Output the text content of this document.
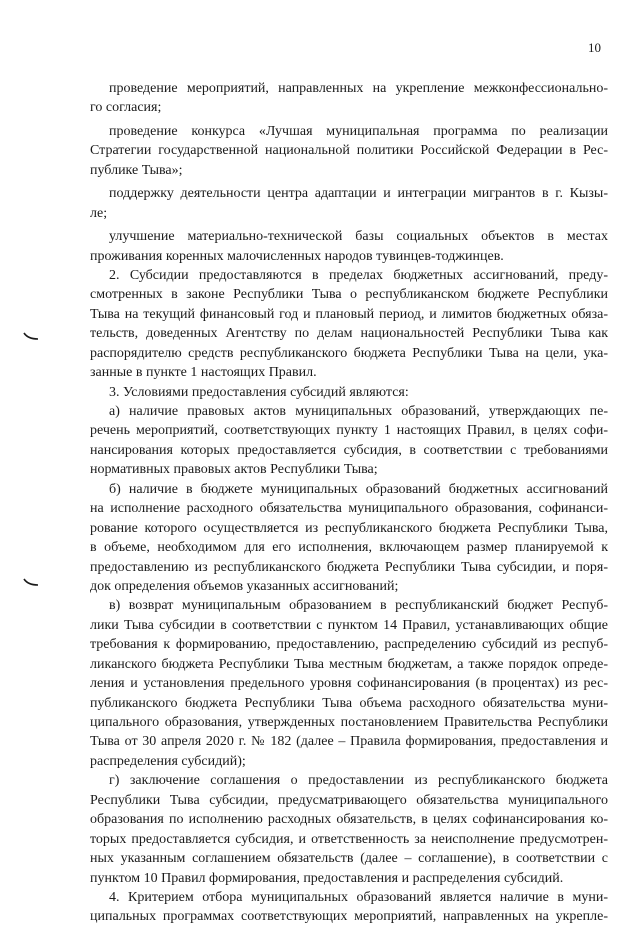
10
проведение мероприятий, направленных на укрепление межконфессионально-
го согласия;
проведение конкурса «Лучшая муниципальная программа по реализации
Стратегии государственной национальной политики Российской Федерации в Рес-
публике Тыва»;
поддержку деятельности центра адаптации и интеграции мигрантов в г. Кызы-
ле;
улучшение материально-технической базы социальных объектов в местах
проживания коренных малочисленных народов тувинцев-тоджинцев.
2. Субсидии предоставляются в пределах бюджетных ассигнований, преду-
смотренных в законе Республики Тыва о республиканском бюджете Республики
Тыва на текущий финансовый год и плановый период, и лимитов бюджетных обяза-
тельств, доведенных Агентству по делам национальностей Республики Тыва как
распорядителю средств республиканского бюджета Республики Тыва на цели, ука-
занные в пункте 1 настоящих Правил.
3. Условиями предоставления субсидий являются:
а) наличие правовых актов муниципальных образований, утверждающих пе-
речень мероприятий, соответствующих пункту 1 настоящих Правил, в целях софи-
нансирования которых предоставляется субсидия, в соответствии с требованиями
нормативных правовых актов Республики Тыва;
б) наличие в бюджете муниципальных образований бюджетных ассигнований
на исполнение расходного обязательства муниципального образования, софинанси-
рование которого осуществляется из республиканского бюджета Республики Тыва,
в объеме, необходимом для его исполнения, включающем размер планируемой к
предоставлению из республиканского бюджета Республики Тыва субсидии, и поря-
док определения объемов указанных ассигнований;
в) возврат муниципальным образованием в республиканский бюджет Респуб-
лики Тыва субсидии в соответствии с пунктом 14 Правил, устанавливающих общие
требования к формированию, предоставлению, распределению субсидий из респуб-
ликанского бюджета Республики Тыва местным бюджетам, а также порядок опреде-
ления и установления предельного уровня софинансирования (в процентах) из рес-
публиканского бюджета Республики Тыва объема расходного обязательства муни-
ципального образования, утвержденных постановлением Правительства Республики
Тыва от 30 апреля 2020 г. № 182 (далее – Правила формирования, предоставления и
распределения субсидий);
г) заключение соглашения о предоставлении из республиканского бюджета
Республики Тыва субсидии, предусматривающего обязательства муниципального
образования по исполнению расходных обязательств, в целях софинансирования ко-
торых предоставляется субсидия, и ответственность за неисполнение предусмотрен-
ных указанным соглашением обязательств (далее – соглашение), в соответствии с
пунктом 10 Правил формирования, предоставления и распределения субсидий.
4. Критерием отбора муниципальных образований является наличие в муни-
ципальных программах соответствующих мероприятий, направленных на укрепле-
